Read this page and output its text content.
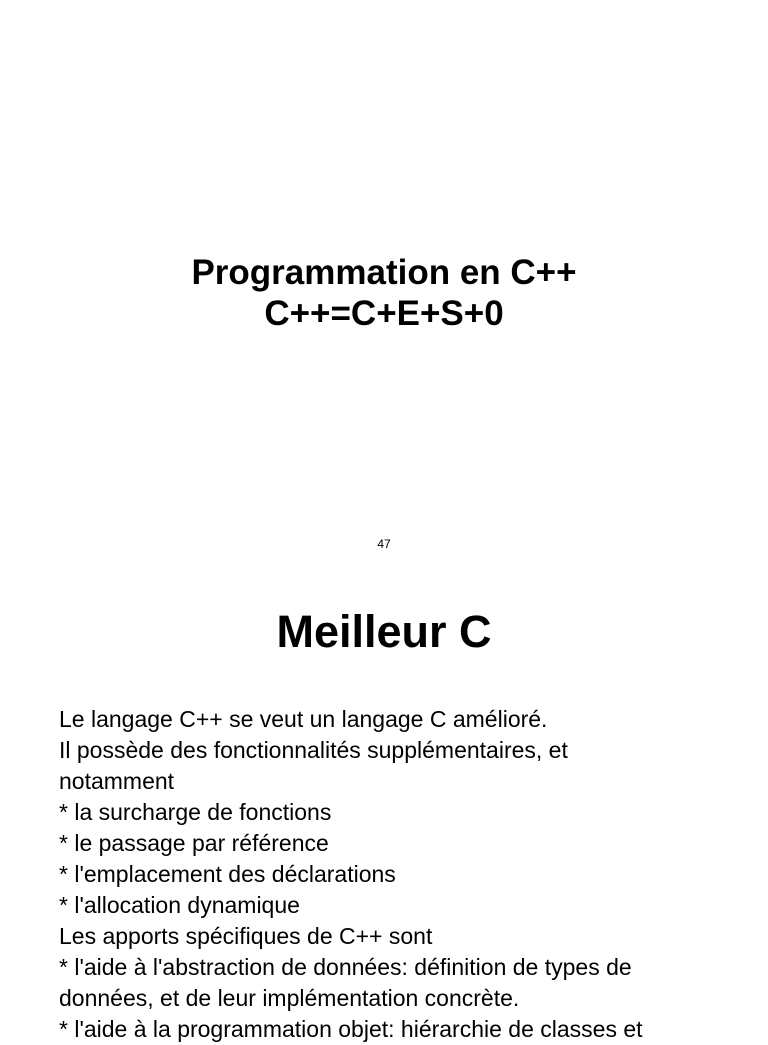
Programmation en C++
C++=C+E+S+0
47
Meilleur C
Le langage C++ se veut un langage C amélioré.
Il possède des fonctionnalités supplémentaires, et
notamment
* la surcharge de fonctions
* le passage par référence
* l'emplacement des déclarations
* l'allocation dynamique
Les apports spécifiques de C++ sont
* l'aide à l'abstraction de données: définition de types de
données, et de leur implémentation concrète.
* l'aide à la programmation objet: hiérarchie de classes et
